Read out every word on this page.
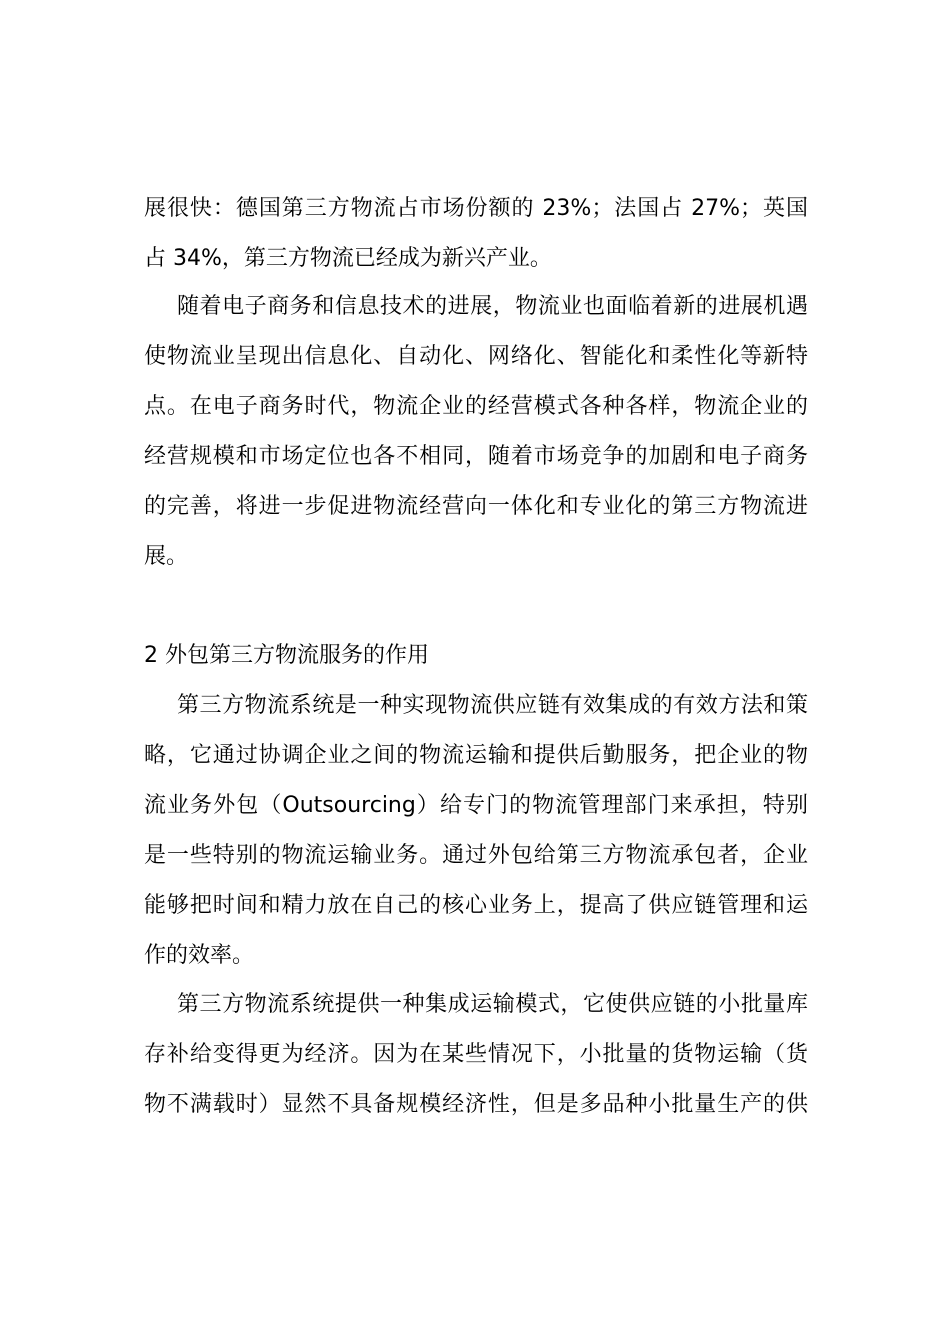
展很快：德国第三方物流占市场份额的 23%；法国占 27%；英国
占 34%，第三方物流已经成为新兴产业。
随着电子商务和信息技术的进展，物流业也面临着新的进展机遇
使物流业呈现出信息化、自动化、网络化、智能化和柔性化等新特
点。在电子商务时代，物流企业的经营模式各种各样，物流企业的
经营规模和市场定位也各不相同，随着市场竞争的加剧和电子商务
的完善，将进一步促进物流经营向一体化和专业化的第三方物流进
展。
2 外包第三方物流服务的作用
第三方物流系统是一种实现物流供应链有效集成的有效方法和策
略，它通过协调企业之间的物流运输和提供后勤服务，把企业的物
流业务外包（Outsourcing）给专门的物流管理部门来承担，特别
是一些特别的物流运输业务。通过外包给第三方物流承包者，企业
能够把时间和精力放在自己的核心业务上，提高了供应链管理和运
作的效率。
第三方物流系统提供一种集成运输模式，它使供应链的小批量库
存补给变得更为经济。因为在某些情况下，小批量的货物运输（货
物不满载时）显然不具备规模经济性，但是多品种小批量生产的供
